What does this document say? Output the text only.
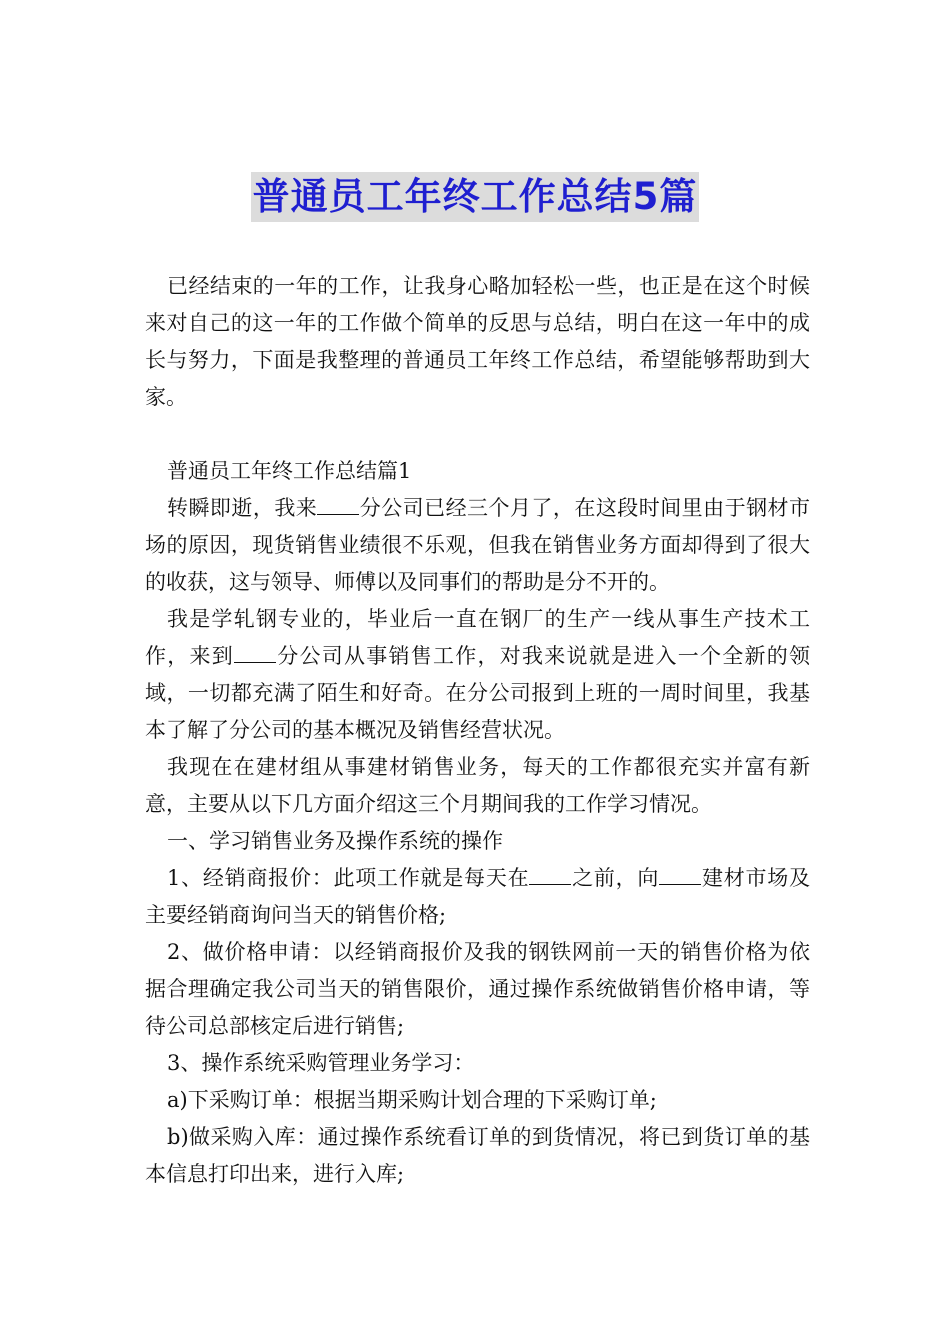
普通员工年终工作总结5篇

已经结束的一年的工作，让我身心略加轻松一些，也正是在这个时候来对自己的这一年的工作做个简单的反思与总结，明白在这一年中的成长与努力，下面是我整理的普通员工年终工作总结，希望能够帮助到大家。

普通员工年终工作总结篇1

转瞬即逝，我来 分公司已经三个月了，在这段时间里由于钢材市场的原因，现货销售业绩很不乐观，但我在销售业务方面却得到了很大的收获，这与领导、师傅以及同事们的帮助是分不开的。

我是学轧钢专业的，毕业后一直在钢厂的生产一线从事生产技术工作，来到 分公司从事销售工作，对我来说就是进入一个全新的领域，一切都充满了陌生和好奇。在分公司报到上班的一周时间里，我基本了解了分公司的基本概况及销售经营状况。

我现在在建材组从事建材销售业务，每天的工作都很充实并富有新意，主要从以下几方面介绍这三个月期间我的工作学习情况。

一、学习销售业务及操作系统的操作

1、经销商报价：此项工作就是每天在 之前，向 建材市场及主要经销商询问当天的销售价格;

2、做价格申请：以经销商报价及我的钢铁网前一天的销售价格为依据合理确定我公司当天的销售限价，通过操作系统做销售价格申请，等待公司总部核定后进行销售;

3、操作系统采购管理业务学习：

a)下采购订单：根据当期采购计划合理的下采购订单;

b)做采购入库：通过操作系统看订单的到货情况，将已到货订单的基本信息打印出来，进行入库;
